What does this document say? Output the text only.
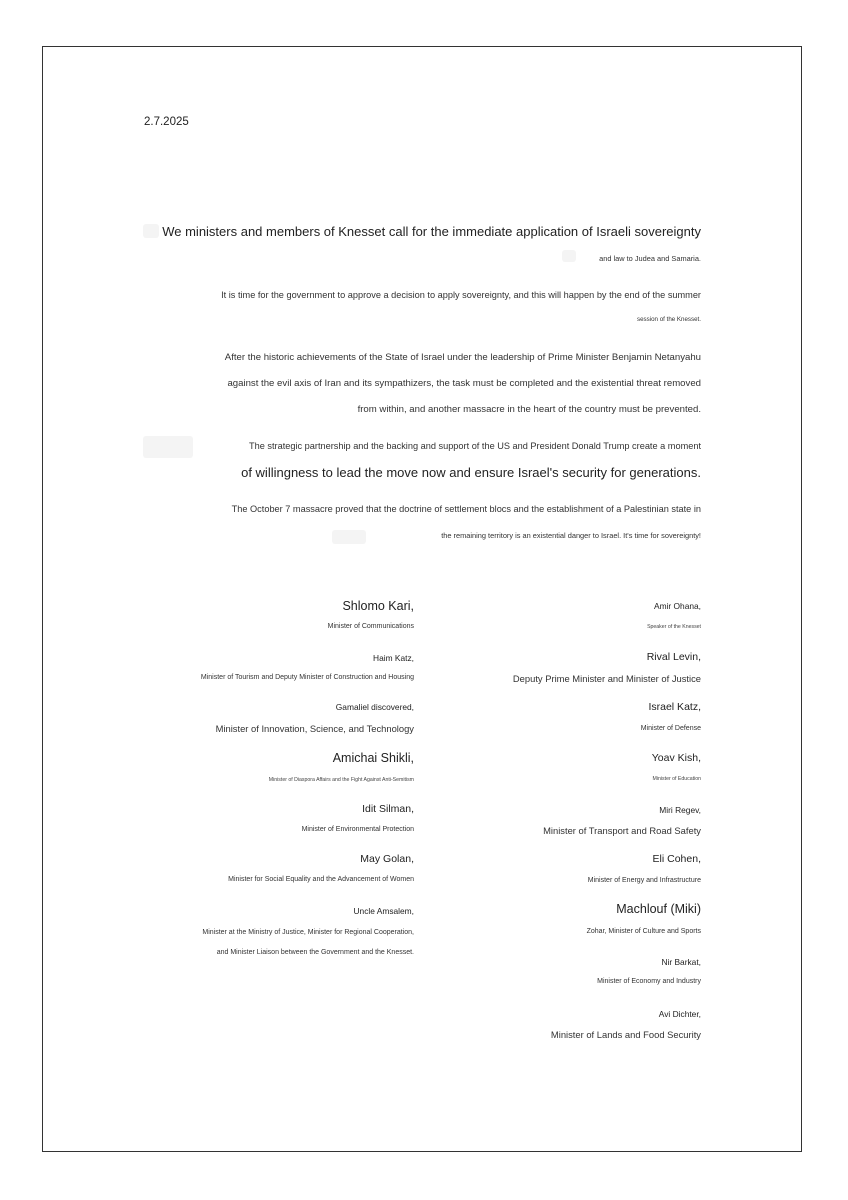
2.7.2025
We ministers and members of Knesset call for the immediate application of Israeli sovereignty
and law to Judea and Samaria.
It is time for the government to approve a decision to apply sovereignty, and this will happen by the end of the summer
session of the Knesset.
After the historic achievements of the State of Israel under the leadership of Prime Minister Benjamin Netanyahu
against the evil axis of Iran and its sympathizers, the task must be completed and the existential threat removed
from within, and another massacre in the heart of the country must be prevented.
The strategic partnership and the backing and support of the US and President Donald Trump create a moment
of willingness to lead the move now and ensure Israel's security for generations.
The October 7 massacre proved that the doctrine of settlement blocs and the establishment of a Palestinian state in
the remaining territory is an existential danger to Israel. It's time for sovereignty!
Shlomo Kari,
Minister of Communications
Haim Katz,
Minister of Tourism and Deputy Minister of Construction and Housing
Gamaliel discovered,
Minister of Innovation, Science, and Technology
Amichai Shikli,
Minister of Diaspora Affairs and the Fight Against Anti-Semitism
Idit Silman,
Minister of Environmental Protection
May Golan,
Minister for Social Equality and the Advancement of Women
Uncle Amsalem,
Minister at the Ministry of Justice, Minister for Regional Cooperation,
and Minister Liaison between the Government and the Knesset.
Amir Ohana,
Speaker of the Knesset
Rival Levin,
Deputy Prime Minister and Minister of Justice
Israel Katz,
Minister of Defense
Yoav Kish,
Minister of Education
Miri Regev,
Minister of Transport and Road Safety
Eli Cohen,
Minister of Energy and Infrastructure
Machlouf (Miki)
Zohar, Minister of Culture and Sports
Nir Barkat,
Minister of Economy and Industry
Avi Dichter,
Minister of Lands and Food Security
